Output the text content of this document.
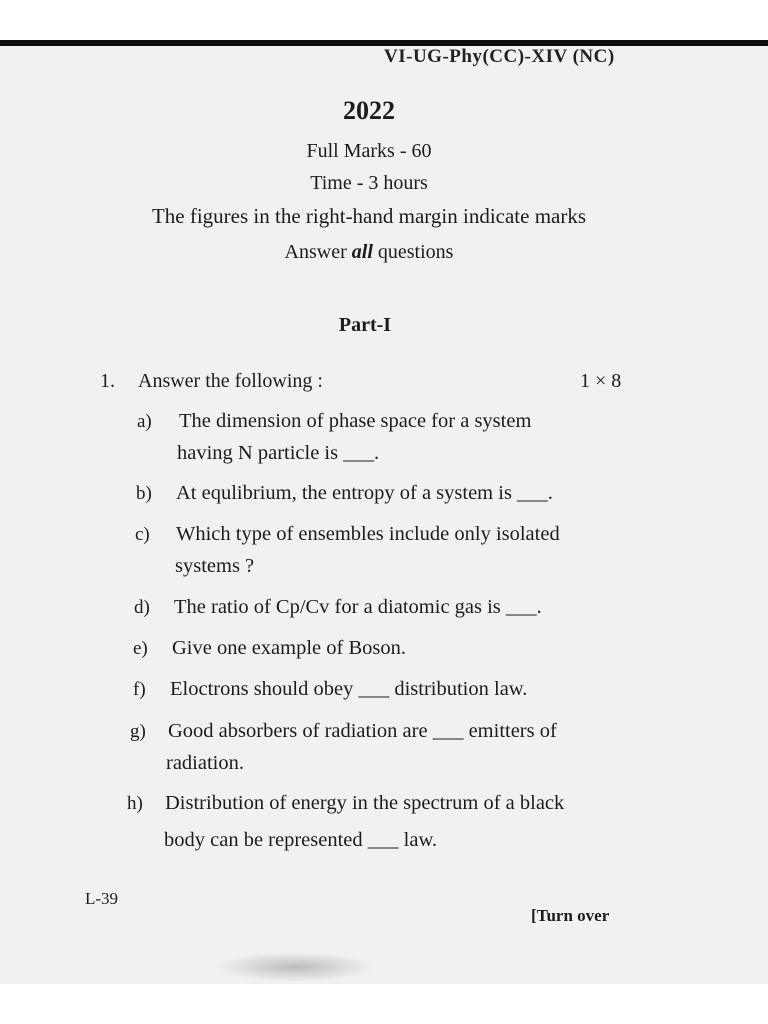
VI-UG-Phy(CC)-XIV (NC)
2022
Full Marks - 60
Time - 3 hours
The figures in the right-hand margin indicate marks
Answer all questions
Part-I
1. Answer the following :	1 × 8
a) The dimension of phase space for a system
having N particle is ___.
b) At equlibrium, the entropy of a system is ___.
c) Which type of ensembles include only isolated
systems ?
d) The ratio of Cp/Cv for a diatomic gas is ___.
e) Give one example of Boson.
f) Eloctrons should obey ___ distribution law.
g) Good absorbers of radiation are ___ emitters of
radiation.
h) Distribution of energy in the spectrum of a black
body can be represented ___ law.
L-39
[Turn over
